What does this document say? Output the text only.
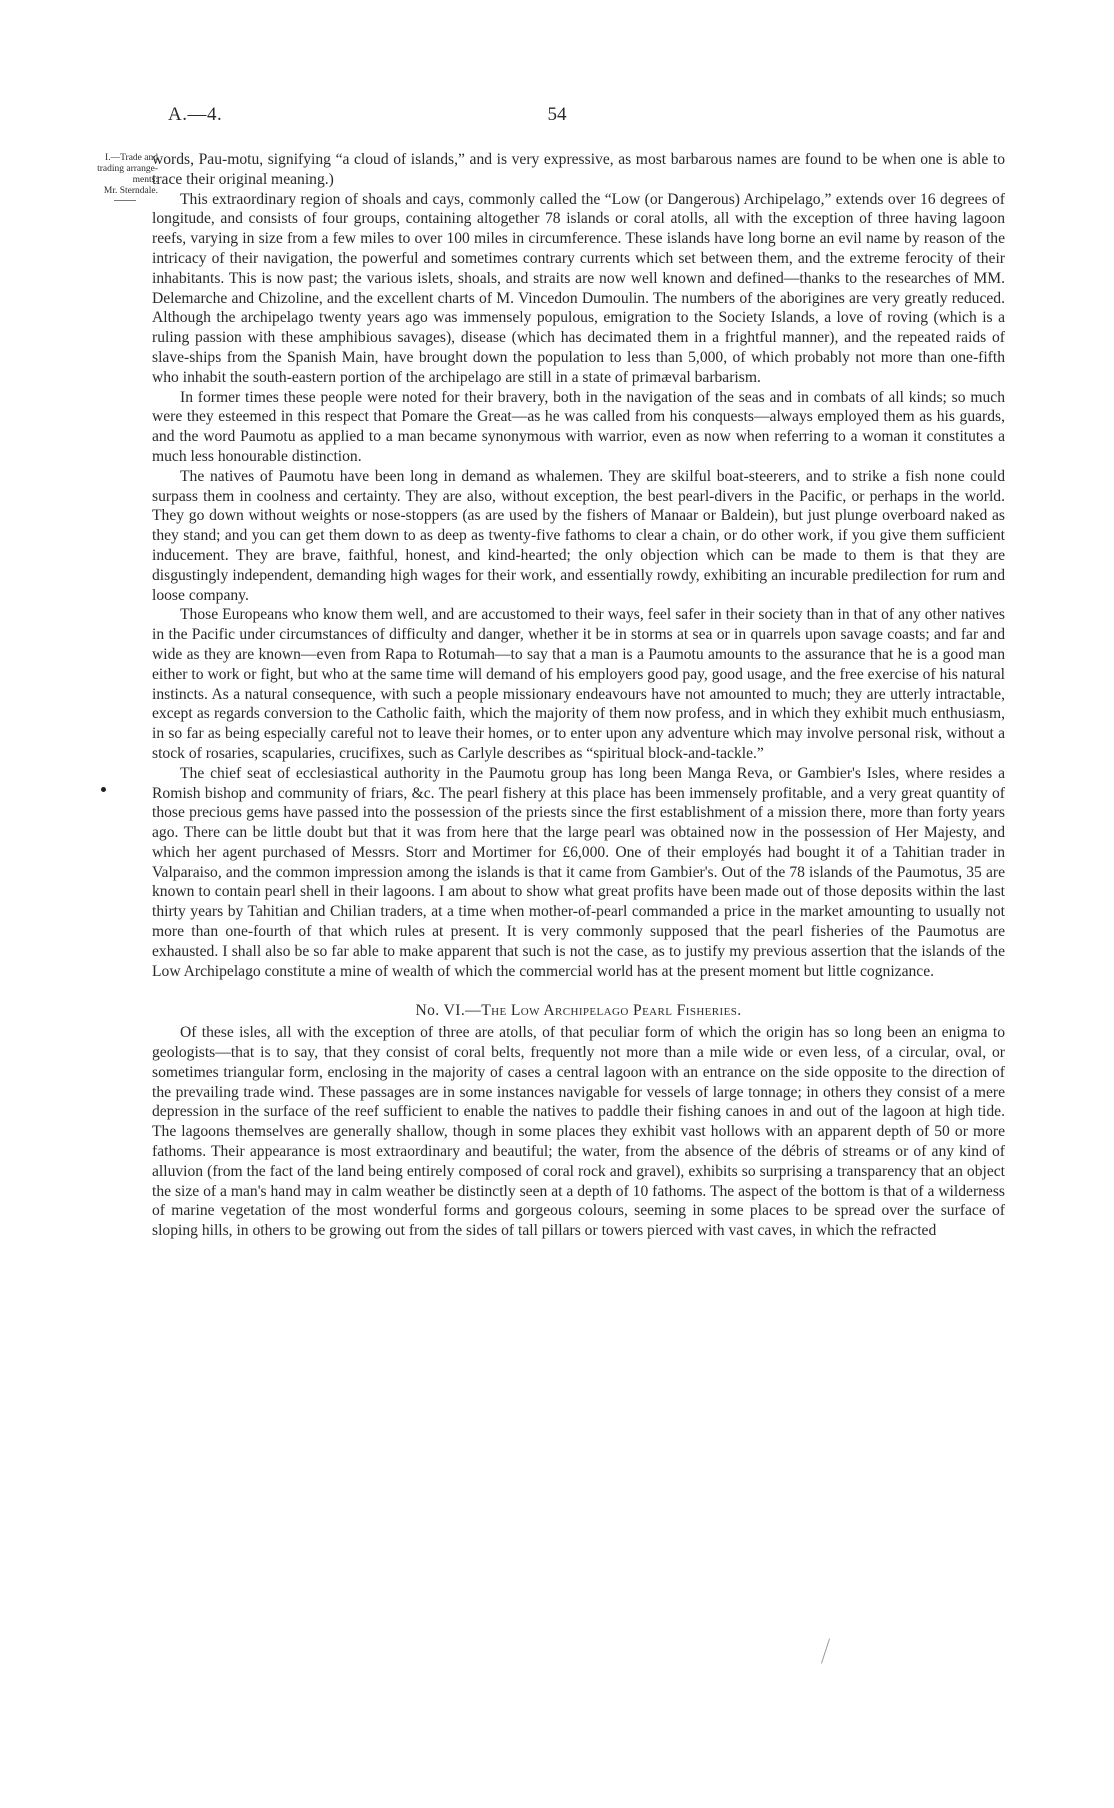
A.—4.	54
I.—Trade and
trading arrange-
ments:
Mr. Sterndale.

words, Pau-motu, signifying “a cloud of islands,” and is very expressive, as most barbarous names are found to be when one is able to trace their original meaning.)

This extraordinary region of shoals and cays, commonly called the “Low (or Dangerous) Archipelago,” extends over 16 degrees of longitude, and consists of four groups, containing altogether 78 islands or coral atolls, all with the exception of three having lagoon reefs, varying in size from a few miles to over 100 miles in circumference. These islands have long borne an evil name by reason of the intricacy of their navigation, the powerful and sometimes contrary currents which set between them, and the extreme ferocity of their inhabitants. This is now past; the various islets, shoals, and straits are now well known and defined—thanks to the researches of MM. Delemarche and Chizoline, and the excellent charts of M. Vincedon Dumoulin. The numbers of the aborigines are very greatly reduced. Although the archipelago twenty years ago was immensely populous, emigration to the Society Islands, a love of roving (which is a ruling passion with these amphibious savages), disease (which has decimated them in a frightful manner), and the repeated raids of slave-ships from the Spanish Main, have brought down the population to less than 5,000, of which probably not more than one-fifth who inhabit the south-eastern portion of the archipelago are still in a state of primæval barbarism.

In former times these people were noted for their bravery, both in the navigation of the seas and in combats of all kinds; so much were they esteemed in this respect that Pomare the Great—as he was called from his conquests—always employed them as his guards, and the word Paumotu as applied to a man became synonymous with warrior, even as now when referring to a woman it constitutes a much less honourable distinction.

The natives of Paumotu have been long in demand as whalemen. They are skilful boat-steerers, and to strike a fish none could surpass them in coolness and certainty. They are also, without exception, the best pearl-divers in the Pacific, or perhaps in the world. They go down without weights or nose-stoppers (as are used by the fishers of Manaar or Baldein), but just plunge overboard naked as they stand; and you can get them down to as deep as twenty-five fathoms to clear a chain, or do other work, if you give them sufficient inducement. They are brave, faithful, honest, and kind-hearted; the only objection which can be made to them is that they are disgustingly independent, demanding high wages for their work, and essentially rowdy, exhibiting an incurable predilection for rum and loose company.

Those Europeans who know them well, and are accustomed to their ways, feel safer in their society than in that of any other natives in the Pacific under circumstances of difficulty and danger, whether it be in storms at sea or in quarrels upon savage coasts; and far and wide as they are known—even from Rapa to Rotumah—to say that a man is a Paumotu amounts to the assurance that he is a good man either to work or fight, but who at the same time will demand of his employers good pay, good usage, and the free exercise of his natural instincts. As a natural consequence, with such a people missionary endeavours have not amounted to much; they are utterly intractable, except as regards conversion to the Catholic faith, which the majority of them now profess, and in which they exhibit much enthusiasm, in so far as being especially careful not to leave their homes, or to enter upon any adventure which may involve personal risk, without a stock of rosaries, scapularies, crucifixes, such as Carlyle describes as “spiritual block-and-tackle.”

The chief seat of ecclesiastical authority in the Paumotu group has long been Manga Reva, or Gambier's Isles, where resides a Romish bishop and community of friars, &c. The pearl fishery at this place has been immensely profitable, and a very great quantity of those precious gems have passed into the possession of the priests since the first establishment of a mission there, more than forty years ago. There can be little doubt but that it was from here that the large pearl was obtained now in the possession of Her Majesty, and which her agent purchased of Messrs. Storr and Mortimer for £6,000. One of their employés had bought it of a Tahitian trader in Valparaiso, and the common impression among the islands is that it came from Gambier's. Out of the 78 islands of the Paumotus, 35 are known to contain pearl shell in their lagoons. I am about to show what great profits have been made out of those deposits within the last thirty years by Tahitian and Chilian traders, at a time when mother-of-pearl commanded a price in the market amounting to usually not more than one-fourth of that which rules at present. It is very commonly supposed that the pearl fisheries of the Paumotus are exhausted. I shall also be so far able to make apparent that such is not the case, as to justify my previous assertion that the islands of the Low Archipelago constitute a mine of wealth of which the commercial world has at the present moment but little cognizance.

No. VI.—The Low Archipelago Pearl Fisheries.

Of these isles, all with the exception of three are atolls, of that peculiar form of which the origin has so long been an enigma to geologists—that is to say, that they consist of coral belts, frequently not more than a mile wide or even less, of a circular, oval, or sometimes triangular form, enclosing in the majority of cases a central lagoon with an entrance on the side opposite to the direction of the prevailing trade wind. These passages are in some instances navigable for vessels of large tonnage; in others they consist of a mere depression in the surface of the reef sufficient to enable the natives to paddle their fishing canoes in and out of the lagoon at high tide. The lagoons themselves are generally shallow, though in some places they exhibit vast hollows with an apparent depth of 50 or more fathoms. Their appearance is most extraordinary and beautiful; the water, from the absence of the débris of streams or of any kind of alluvion (from the fact of the land being entirely composed of coral rock and gravel), exhibits so surprising a transparency that an object the size of a man's hand may in calm weather be distinctly seen at a depth of 10 fathoms. The aspect of the bottom is that of a wilderness of marine vegetation of the most wonderful forms and gorgeous colours, seeming in some places to be spread over the surface of sloping hills, in others to be growing out from the sides of tall pillars or towers pierced with vast caves, in which the refracted
